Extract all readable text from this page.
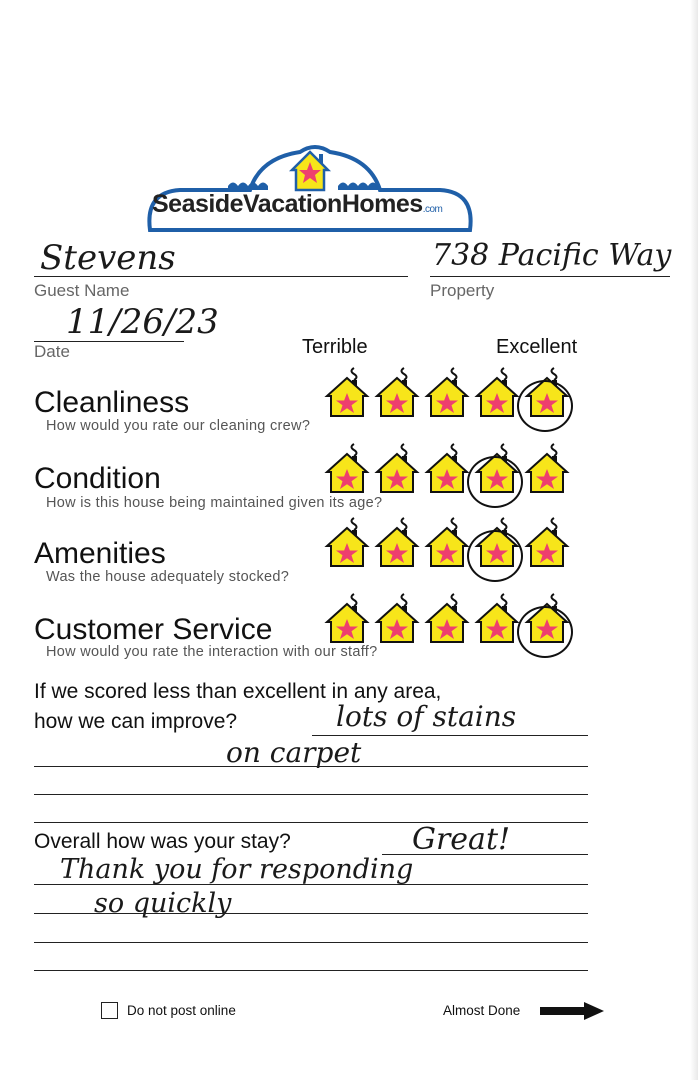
SeasideVacationHomes.com
Stevens
Guest Name
738 Pacific Way
Property
11/26/23
Date	Terrible	Excellent
Cleanliness
How would you rate our cleaning crew?
Condition
How is this house being maintained given its age?
Amenities
Was the house adequately stocked?
Customer Service
How would you rate the interaction with our staff?
If we scored less than excellent in any area,
how we can improve?	lots of stains
on carpet
Overall how was your stay?	Great!
Thank you for responding
so quickly
Do not post online	Almost Done
